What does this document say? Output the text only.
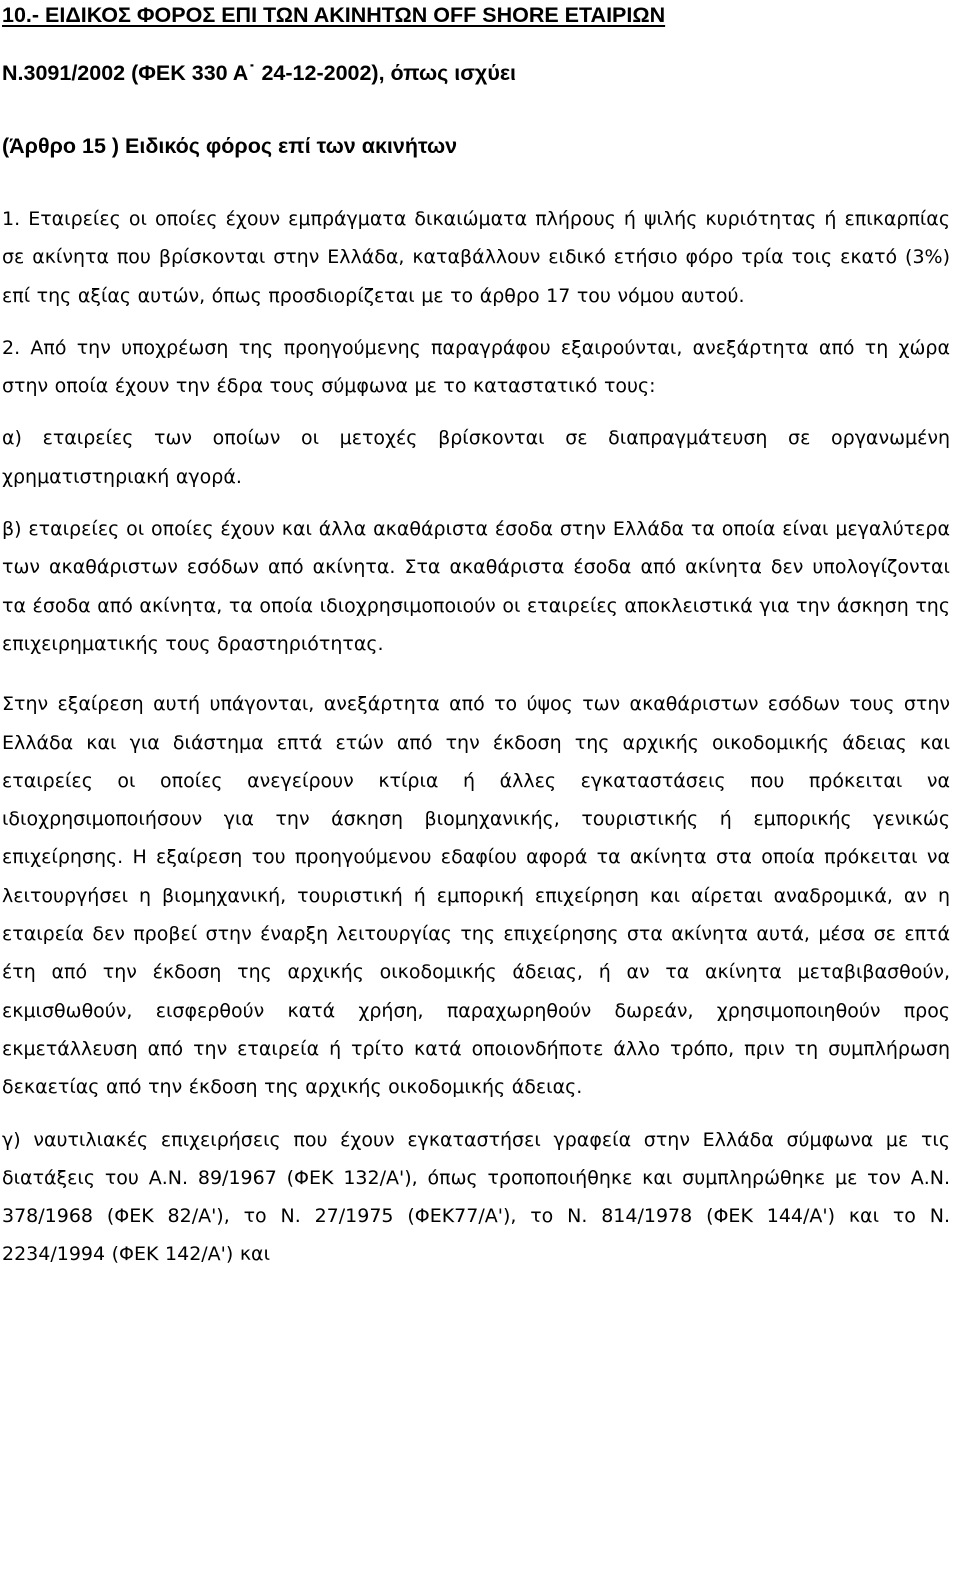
10.- ΕΙΔΙΚΟΣ ΦΟΡΟΣ ΕΠΙ ΤΩΝ ΑΚΙΝΗΤΩΝ OFF SHORE ΕΤΑΙΡΙΩΝ

Ν.3091/2002 (ΦΕΚ 330 Α˙ 24-12-2002), όπως ισχύει

(Άρθρο 15 ) Ειδικός φόρος επί των ακινήτων

1. Εταιρείες οι οποίες έχουν εμπράγματα δικαιώματα πλήρους ή ψιλής κυριότητας ή επικαρπίας σε ακίνητα που βρίσκονται στην Ελλάδα, καταβάλλουν ειδικό ετήσιο φόρο τρία τοις εκατό (3%) επί της αξίας αυτών, όπως προσδιορίζεται με το άρθρο 17 του νόμου αυτού.

2. Από την υποχρέωση της προηγούμενης παραγράφου εξαιρούνται, ανεξάρτητα από τη χώρα στην οποία έχουν την έδρα τους σύμφωνα με το καταστατικό τους:

α) εταιρείες των οποίων οι μετοχές βρίσκονται σε διαπραγμάτευση σε οργανωμένη χρηματιστηριακή αγορά.

β) εταιρείες οι οποίες έχουν και άλλα ακαθάριστα έσοδα στην Ελλάδα τα οποία είναι μεγαλύτερα των ακαθάριστων εσόδων από ακίνητα. Στα ακαθάριστα έσοδα από ακίνητα δεν υπολογίζονται τα έσοδα από ακίνητα, τα οποία ιδιοχρησιμοποιούν οι εταιρείες αποκλειστικά για την άσκηση της επιχειρηματικής τους δραστηριότητας.

Στην εξαίρεση αυτή υπάγονται, ανεξάρτητα από το ύψος των ακαθάριστων εσόδων τους στην Ελλάδα και για διάστημα επτά ετών από την έκδοση της αρχικής οικοδομικής άδειας και εταιρείες οι οποίες ανεγείρουν κτίρια ή άλλες εγκαταστάσεις που πρόκειται να ιδιοχρησιμοποιήσουν για την άσκηση βιομηχανικής, τουριστικής ή εμπορικής γενικώς επιχείρησης. Η εξαίρεση του προηγούμενου εδαφίου αφορά τα ακίνητα στα οποία πρόκειται να λειτουργήσει η βιομηχανική, τουριστική ή εμπορική επιχείρηση και αίρεται αναδρομικά, αν η εταιρεία δεν προβεί στην έναρξη λειτουργίας της επιχείρησης στα ακίνητα αυτά, μέσα σε επτά έτη από την έκδοση της αρχικής οικοδομικής άδειας, ή αν τα ακίνητα μεταβιβασθούν, εκμισθωθούν, εισφερθούν κατά χρήση, παραχωρηθούν δωρεάν, χρησιμοποιηθούν προς εκμετάλλευση από την εταιρεία ή τρίτο κατά οποιονδήποτε άλλο τρόπο, πριν τη συμπλήρωση δεκαετίας από την έκδοση της αρχικής οικοδομικής άδειας.

γ) ναυτιλιακές επιχειρήσεις που έχουν εγκαταστήσει γραφεία στην Ελλάδα σύμφωνα με τις διατάξεις του Α.Ν. 89/1967 (ΦΕΚ 132/Α'), όπως τροποποιήθηκε και συμπληρώθηκε με τον Α.Ν. 378/1968 (ΦΕΚ 82/Α'), το Ν. 27/1975 (ΦΕΚ77/Α'), το Ν. 814/1978 (ΦΕΚ 144/Α') και το Ν. 2234/1994 (ΦΕΚ 142/Α') και
